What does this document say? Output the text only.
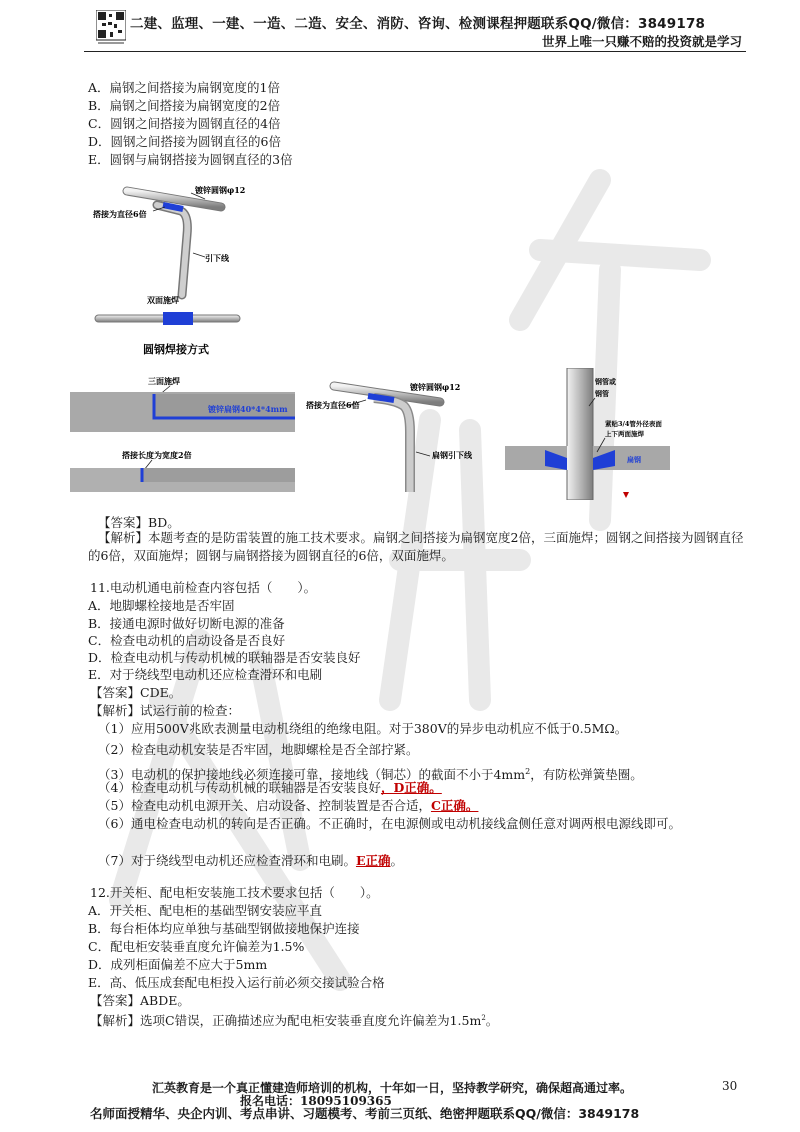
二建、监理、一建、一造、二造、安全、消防、咨询、检测课程押题联系QQ/微信：3849178
世界上唯一只赚不赔的投资就是学习
A．扁钢之间搭接为扁钢宽度的1倍
B．扁钢之间搭接为扁钢宽度的2倍
C．圆钢之间搭接为圆钢直径的4倍
D．圆钢之间搭接为圆钢直径的6倍
E．圆钢与扁钢搭接为圆钢直径的3倍
镀锌圆钢φ12
搭接为直径6倍
引下线
双面施焊
圆钢焊接方式
三面施焊
镀锌扁钢40*4*4mm
搭接长度为宽度2倍
镀锌圆钢φ12
搭接为直径6倍
扁钢引下线
钢管或
钢管
紧贴3/4管外径表面
上下两面施焊
扁钢
【答案】BD。
【解析】本题考查的是防雷装置的施工技术要求。扁钢之间搭接为扁钢宽度2倍，三面施焊；圆钢之间搭接为圆钢直径的6倍，双面施焊；圆钢与扁钢搭接为圆钢直径的6倍，双面施焊。
11.电动机通电前检查内容包括（　　）。
A．地脚螺栓接地是否牢固
B．接通电源时做好切断电源的准备
C．检查电动机的启动设备是否良好
D．检查电动机与传动机械的联轴器是否安装良好
E．对于绕线型电动机还应检查滑环和电刷
【答案】CDE。
【解析】试运行前的检查：
（1）应用500V兆欧表测量电动机绕组的绝缘电阻。对于380V的异步电动机应不低于0.5MΩ。
（2）检查电动机安装是否牢固，地脚螺栓是否全部拧紧。
（3）电动机的保护接地线必须连接可靠，接地线（铜芯）的截面不小于$4mm^2$，有防松弹簧垫圈。
（4）检查电动机与传动机械的联轴器是否安装良好，D正确。
（5）检查电动机电源开关、启动设备、控制装置是否合适，C正确。
（6）通电检查电动机的转向是否正确。不正确时，在电源侧或电动机接线盒侧任意对调两根电源线即可。
（7）对于绕线型电动机还应检查滑环和电刷。E正确。
12.开关柜、配电柜安装施工技术要求包括（　　）。
A．开关柜、配电柜的基础型钢安装应平直
B．每台柜体均应单独与基础型钢做接地保护连接
C．配电柜安装垂直度允许偏差为1.5%
D．成列柜面偏差不应大于5mm
E．高、低压成套配电柜投入运行前必须交接试验合格
【答案】ABDE。
【解析】选项C错误，正确描述应为配电柜安装垂直度允许偏差为$1.5m^2$。
汇英教育是一个真正懂建造师培训的机构，十年如一日，坚持教学研究，确保超高通过率。	30
报名电话：18095109365
名师面授精华、央企内训、考点串讲、习题模考、考前三页纸、绝密押题联系QQ/微信：3849178
